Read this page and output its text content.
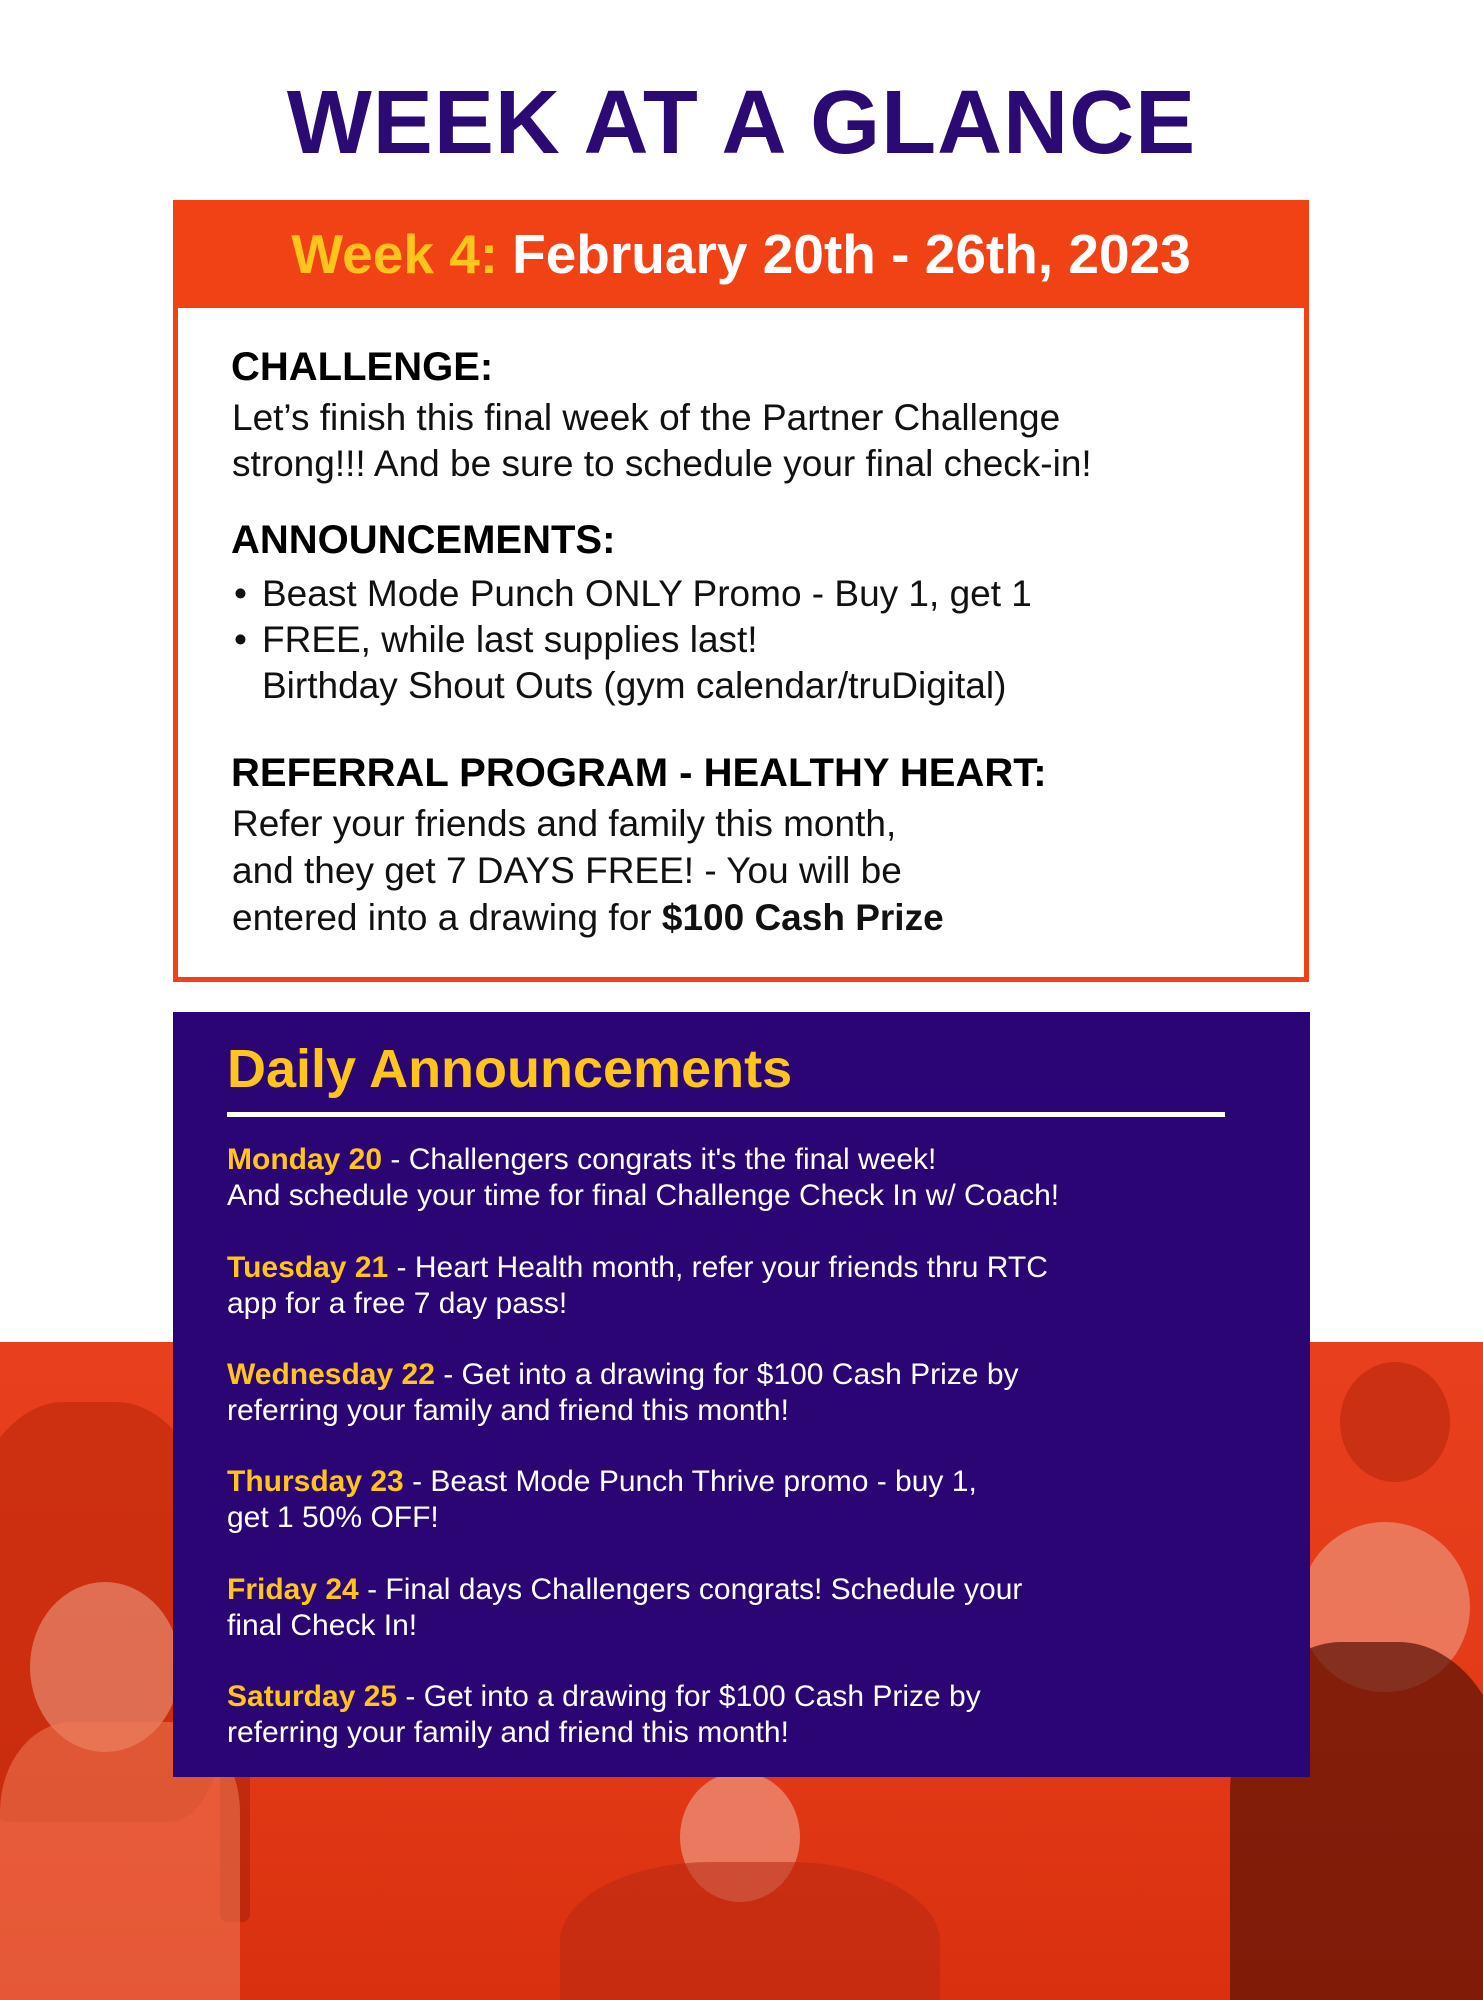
WEEK AT A GLANCE
Week 4: February 20th - 26th, 2023
CHALLENGE:

Let’s finish this final week of the Partner Challenge

strong!!! And be sure to schedule your final check-in!

ANNOUNCEMENTS:
• Beast Mode Punch ONLY Promo - Buy 1, get 1
• FREE, while last supplies last!
Birthday Shout Outs (gym calendar/truDigital)
REFERRAL PROGRAM - HEALTHY HEART:

Refer your friends and family this month,

and they get 7 DAYS FREE! - You will be

entered into a drawing for $100 Cash Prize

Daily Announcements

Monday 20 - Challengers congrats it's the final week!
And schedule your time for final Challenge Check In w/ Coach!

Tuesday 21 - Heart Health month, refer your friends thru RTC
app for a free 7 day pass!

Wednesday 22 - Get into a drawing for $100 Cash Prize by
referring your family and friend this month!

Thursday 23 - Beast Mode Punch Thrive promo - buy 1,
get 1 50% OFF!

Friday 24 - Final days Challengers congrats! Schedule your
final Check In!

Saturday 25 - Get into a drawing for $100 Cash Prize by
referring your family and friend this month!
